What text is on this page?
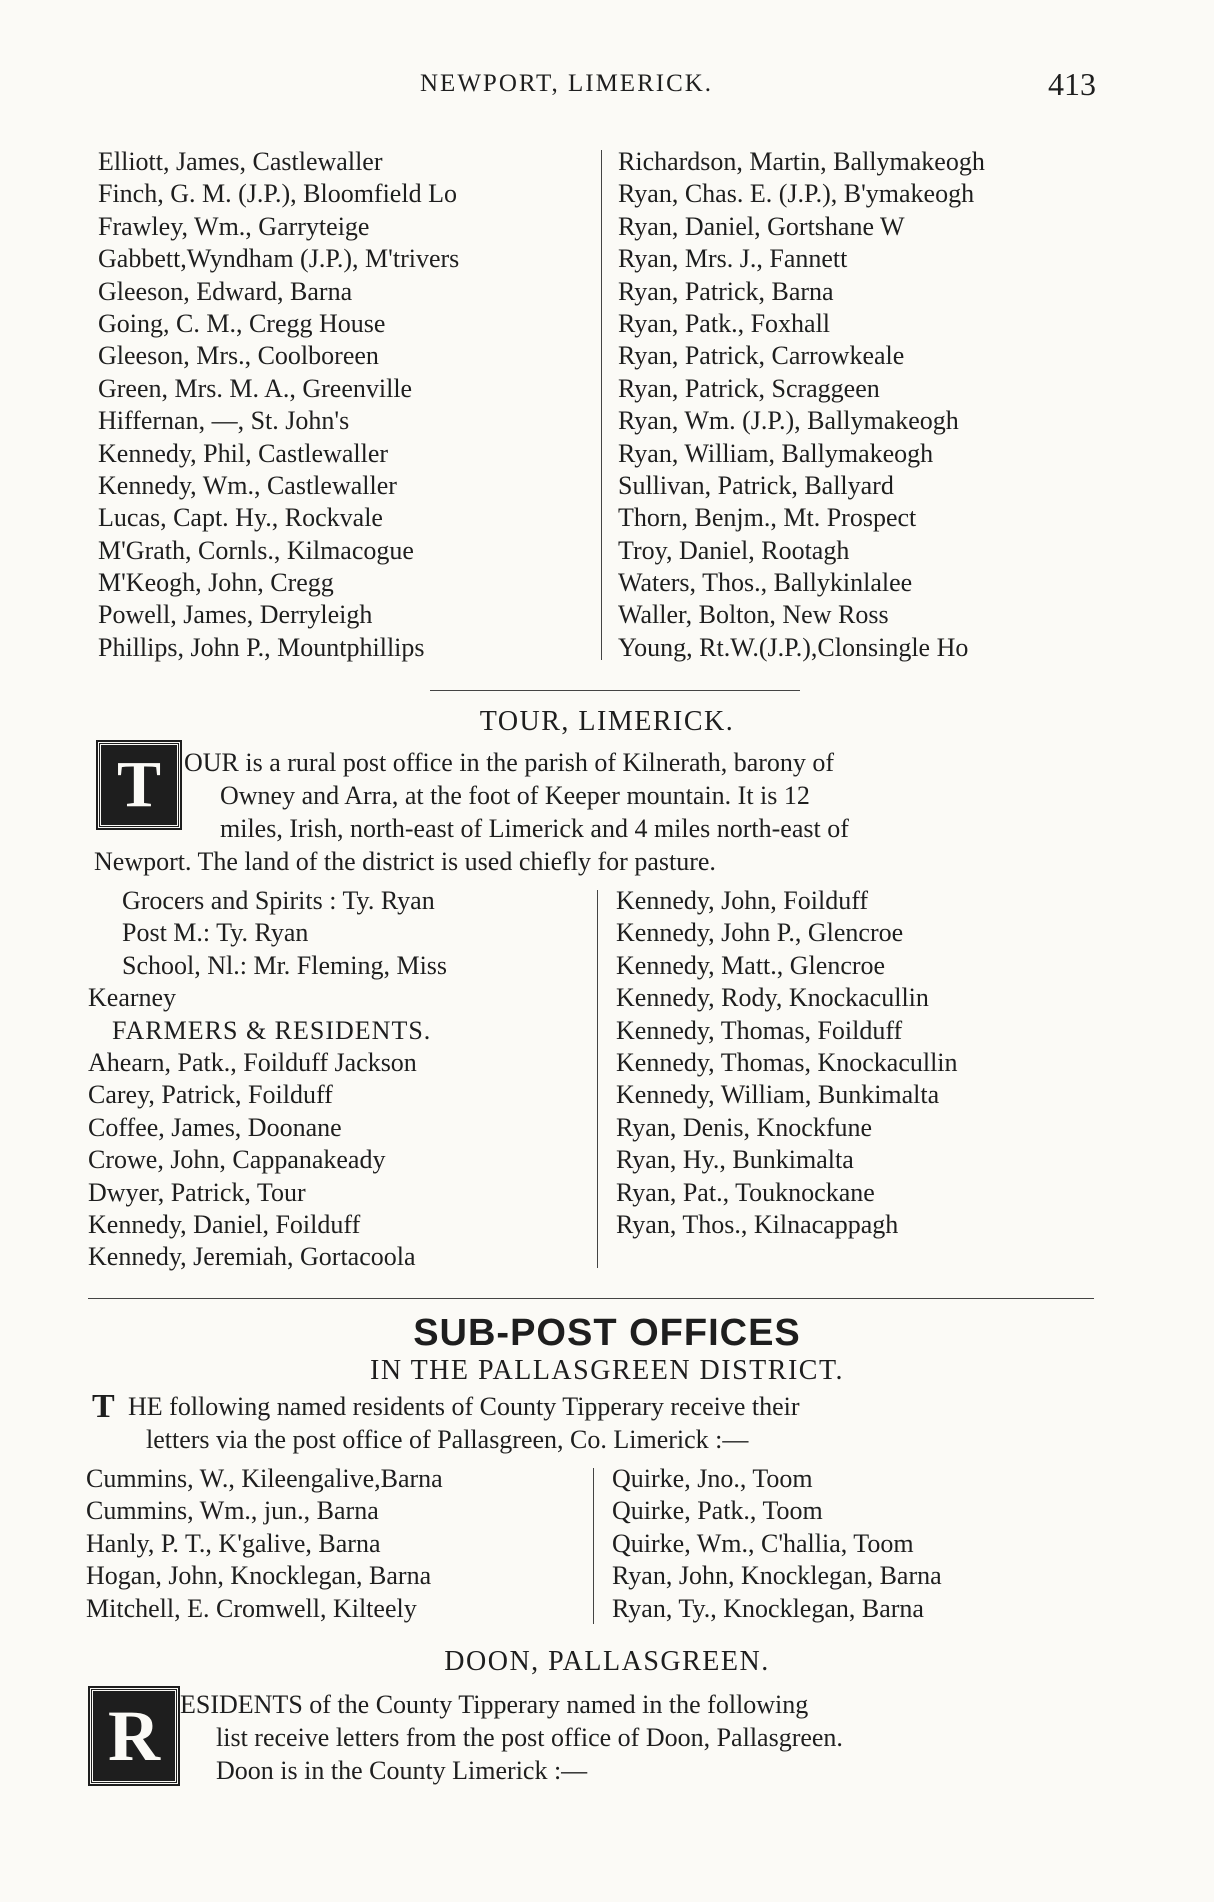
NEWPORT, LIMERICK.	413
Elliott, James, Castlewaller
Finch, G. M. (J.P.), Bloomfield Lo
Frawley, Wm., Garryteige
Gabbett,Wyndham (J.P.), M'trivers
Gleeson, Edward, Barna
Going, C. M., Cregg House
Gleeson, Mrs., Coolboreen
Green, Mrs. M. A., Greenville
Hiffernan, —, St. John's
Kennedy, Phil, Castlewaller
Kennedy, Wm., Castlewaller
Lucas, Capt. Hy., Rockvale
M'Grath, Cornls., Kilmacogue
M'Keogh, John, Cregg
Powell, James, Derryleigh
Phillips, John P., Mountphillips
Richardson, Martin, Ballymakeogh
Ryan, Chas. E. (J.P.), B'ymakeogh
Ryan, Daniel, Gortshane W
Ryan, Mrs. J., Fannett
Ryan, Patrick, Barna
Ryan, Patk., Foxhall
Ryan, Patrick, Carrowkeale
Ryan, Patrick, Scraggeen
Ryan, Wm. (J.P.), Ballymakeogh
Ryan, William, Ballymakeogh
Sullivan, Patrick, Ballyard
Thorn, Benjm., Mt. Prospect
Troy, Daniel, Rootagh
Waters, Thos., Ballykinlalee
Waller, Bolton, New Ross
Young, Rt.W.(J.P.),Clonsingle Ho
TOUR, LIMERICK.
T OUR is a rural post office in the parish of Kilnerath, barony of
Owney and Arra, at the foot of Keeper mountain. It is 12
miles, Irish, north-east of Limerick and 4 miles north-east of
Newport. The land of the district is used chiefly for pasture.
Grocers and Spirits : Ty. Ryan
Post M.: Ty. Ryan
School, Nl.: Mr. Fleming, Miss
Kearney
FARMERS & RESIDENTS.
Ahearn, Patk., Foilduff Jackson
Carey, Patrick, Foilduff
Coffee, James, Doonane
Crowe, John, Cappanakeady
Dwyer, Patrick, Tour
Kennedy, Daniel, Foilduff
Kennedy, Jeremiah, Gortacoola
Kennedy, John, Foilduff
Kennedy, John P., Glencroe
Kennedy, Matt., Glencroe
Kennedy, Rody, Knockacullin
Kennedy, Thomas, Foilduff
Kennedy, Thomas, Knockacullin
Kennedy, William, Bunkimalta
Ryan, Denis, Knockfune
Ryan, Hy., Bunkimalta
Ryan, Pat., Touknockane
Ryan, Thos., Kilnacappagh
SUB-POST OFFICES
IN THE PALLASGREEN DISTRICT.
T HE following named residents of County Tipperary receive their
letters via the post office of Pallasgreen, Co. Limerick :—
Cummins, W., Kileengalive,Barna
Cummins, Wm., jun., Barna
Hanly, P. T., K'galive, Barna
Hogan, John, Knocklegan, Barna
Mitchell, E. Cromwell, Kilteely
Quirke, Jno., Toom
Quirke, Patk., Toom
Quirke, Wm., C'hallia, Toom
Ryan, John, Knocklegan, Barna
Ryan, Ty., Knocklegan, Barna
DOON, PALLASGREEN.
R ESIDENTS of the County Tipperary named in the following
list receive letters from the post office of Doon, Pallasgreen.
Doon is in the County Limerick :—
